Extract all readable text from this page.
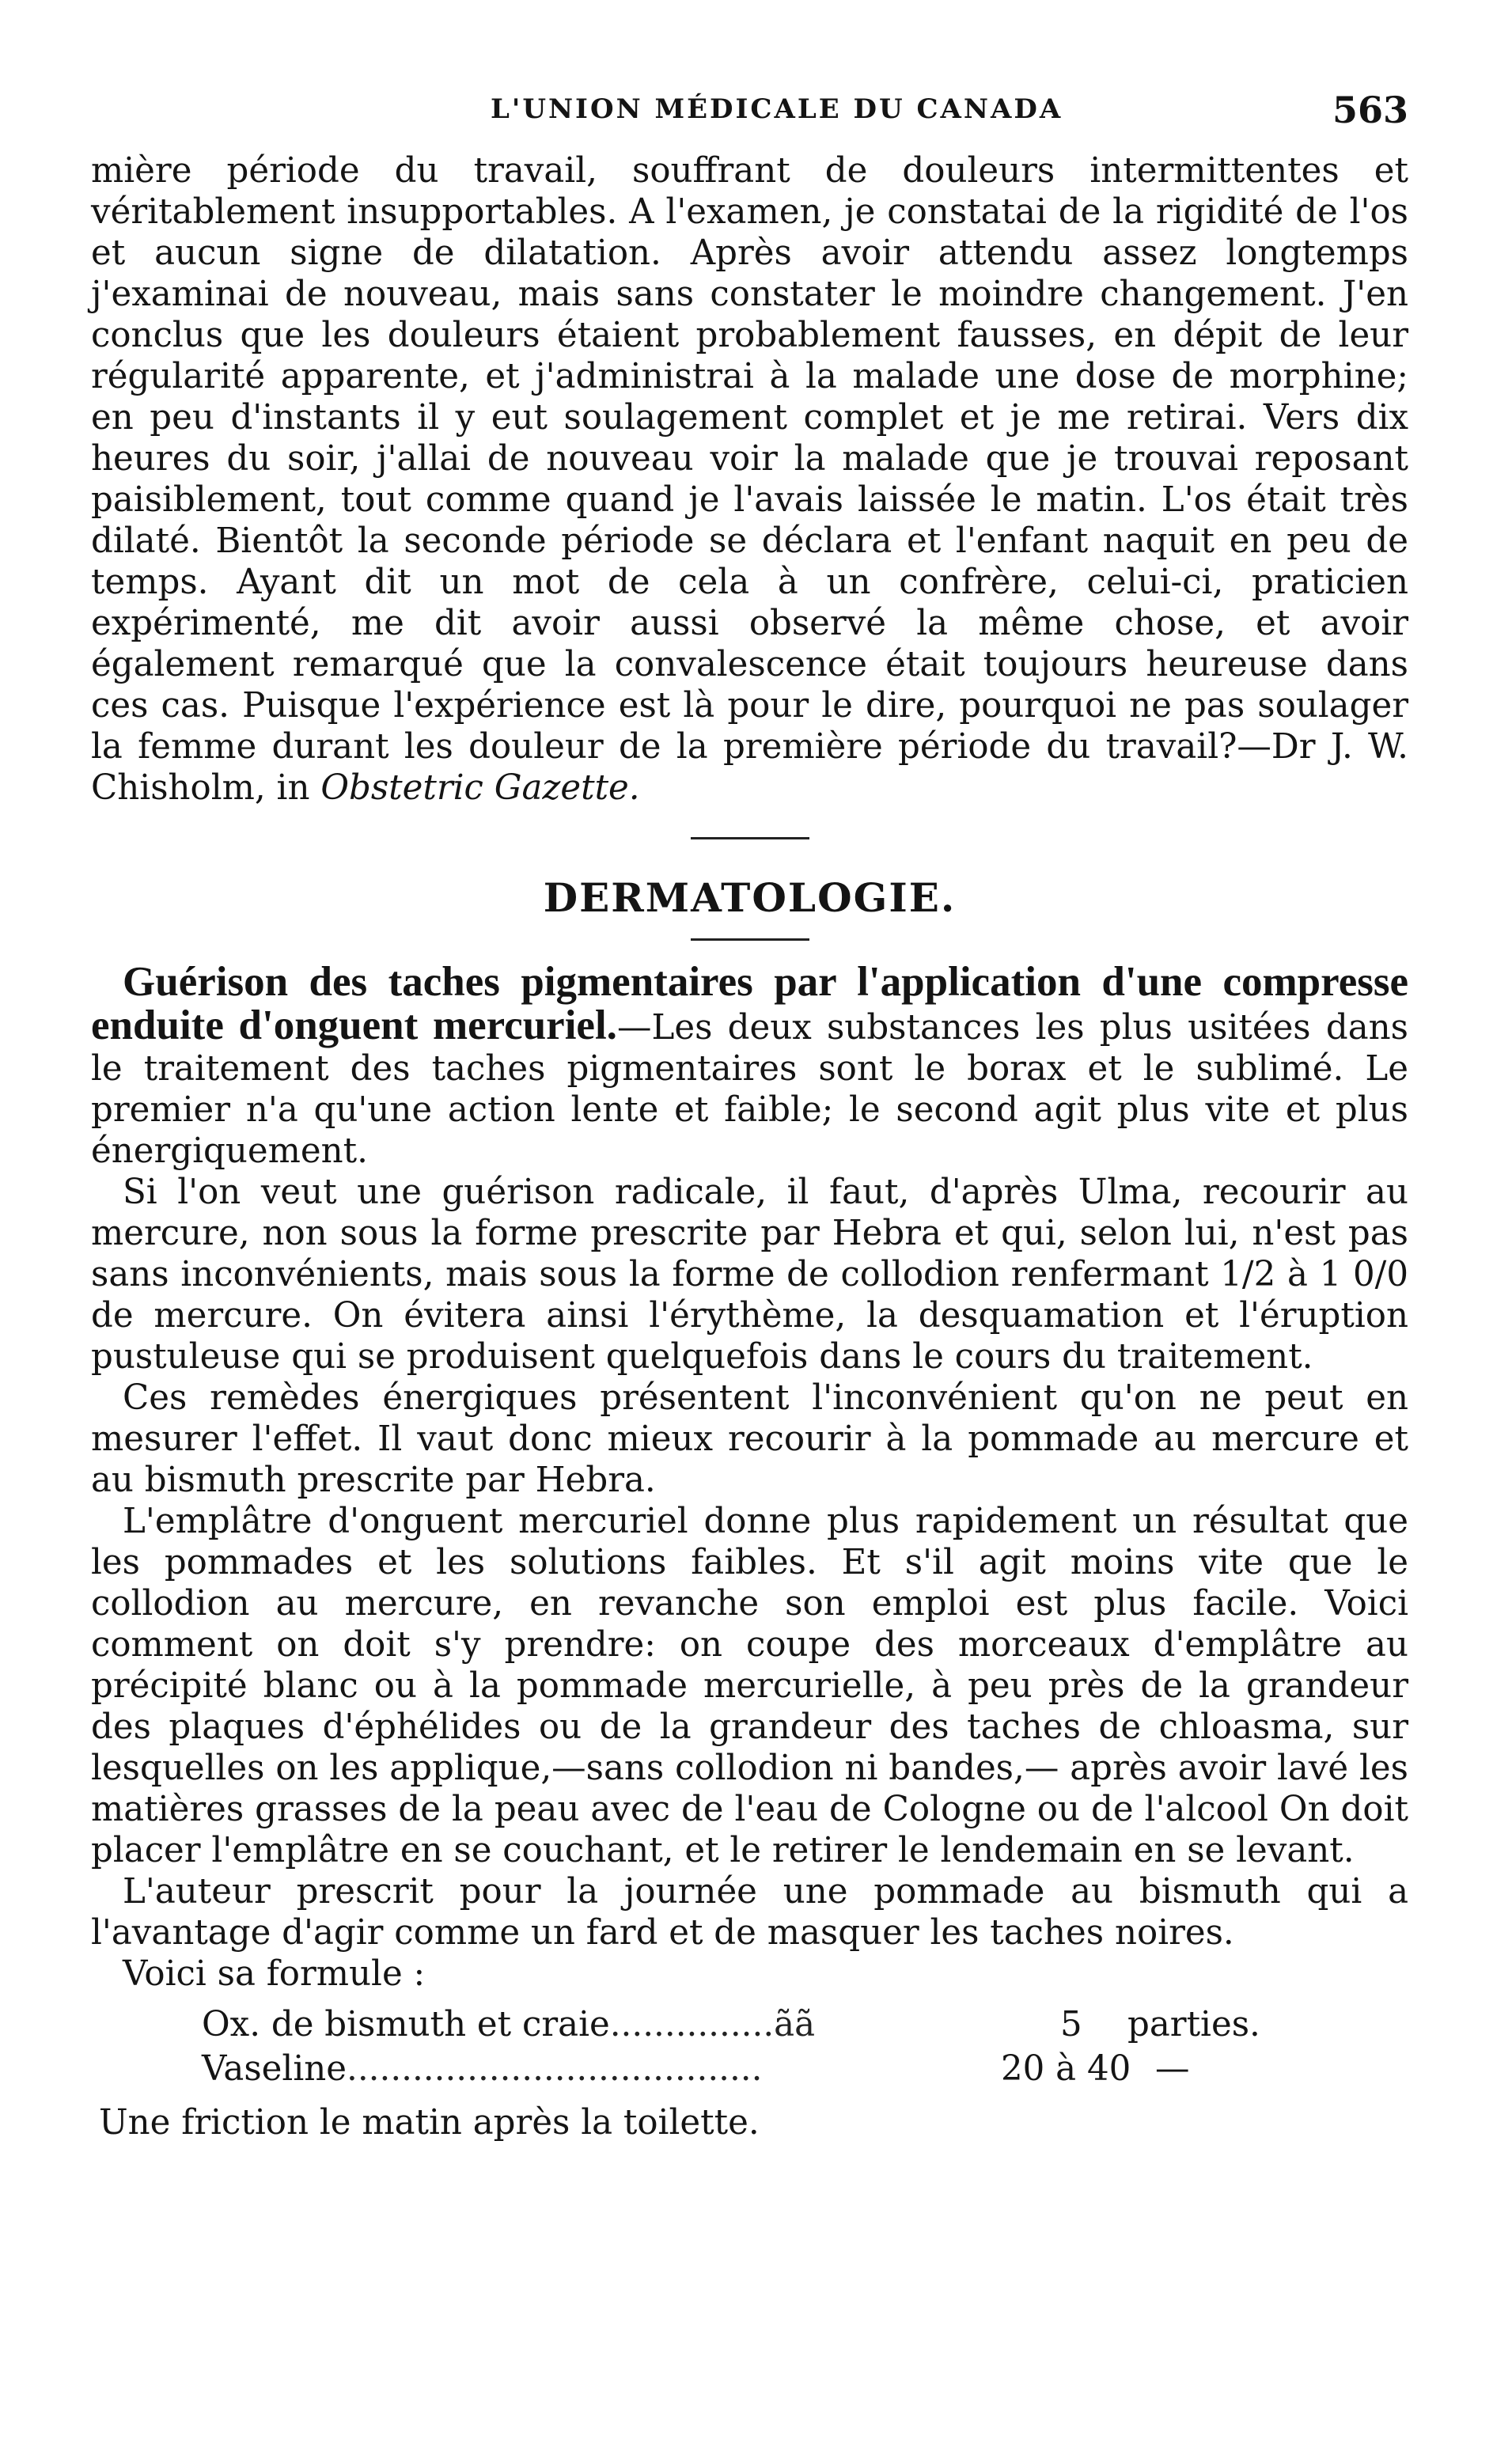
L'UNION MÉDICALE DU CANADA	563

mière période du travail, souffrant de douleurs intermittentes et véritablement insupportables. A l'examen, je constatai de la rigidité de l'os et aucun signe de dilatation. Après avoir attendu assez longtemps j'examinai de nouveau, mais sans constater le moindre changement. J'en conclus que les douleurs étaient probablement fausses, en dépit de leur régularité apparente, et j'administrai à la malade une dose de morphine; en peu d'instants il y eut soulagement complet et je me retirai. Vers dix heures du soir, j'allai de nouveau voir la malade que je trouvai reposant paisiblement, tout comme quand je l'avais laissée le matin. L'os était très dilaté. Bientôt la seconde période se déclara et l'enfant naquit en peu de temps. Ayant dit un mot de cela à un confrère, celui-ci, praticien expérimenté, me dit avoir aussi observé la même chose, et avoir également remarqué que la convalescence était toujours heureuse dans ces cas. Puisque l'expérience est là pour le dire, pourquoi ne pas soulager la femme durant les douleur de la première période du travail?—Dr J. W. Chisholm, in Obstetric Gazette.

DERMATOLOGIE.

Guérison des taches pigmentaires par l'application d'une compresse enduite d'onguent mercuriel.—Les deux substances les plus usitées dans le traitement des taches pigmentaires sont le borax et le sublimé. Le premier n'a qu'une action lente et faible; le second agit plus vite et plus énergiquement.

Si l'on veut une guérison radicale, il faut, d'après Ulma, recourir au mercure, non sous la forme prescrite par Hebra et qui, selon lui, n'est pas sans inconvénients, mais sous la forme de collodion renfermant 1/2 à 1 0/0 de mercure. On évitera ainsi l'érythème, la desquamation et l'éruption pustuleuse qui se produisent quelquefois dans le cours du traitement.

Ces remèdes énergiques présentent l'inconvénient qu'on ne peut en mesurer l'effet. Il vaut donc mieux recourir à la pommade au mercure et au bismuth prescrite par Hebra.

L'emplâtre d'onguent mercuriel donne plus rapidement un résultat que les pommades et les solutions faibles. Et s'il agit moins vite que le collodion au mercure, en revanche son emploi est plus facile. Voici comment on doit s'y prendre: on coupe des morceaux d'emplâtre au précipité blanc ou à la pommade mercurielle, à peu près de la grandeur des plaques d'éphélides ou de la grandeur des taches de chloasma, sur lesquelles on les applique,—sans collodion ni bandes,— après avoir lavé les matières grasses de la peau avec de l'eau de Cologne ou de l'alcool On doit placer l'emplâtre en se couchant, et le retirer le lendemain en se levant.

L'auteur prescrit pour la journée une pommade au bismuth qui a l'avantage d'agir comme un fard et de masquer les taches noires.

Voici sa formule :

Ox. de bismuth et craie...............ãã	5 parties.
Vaseline......................................	20 à 40 —

Une friction le matin après la toilette.
